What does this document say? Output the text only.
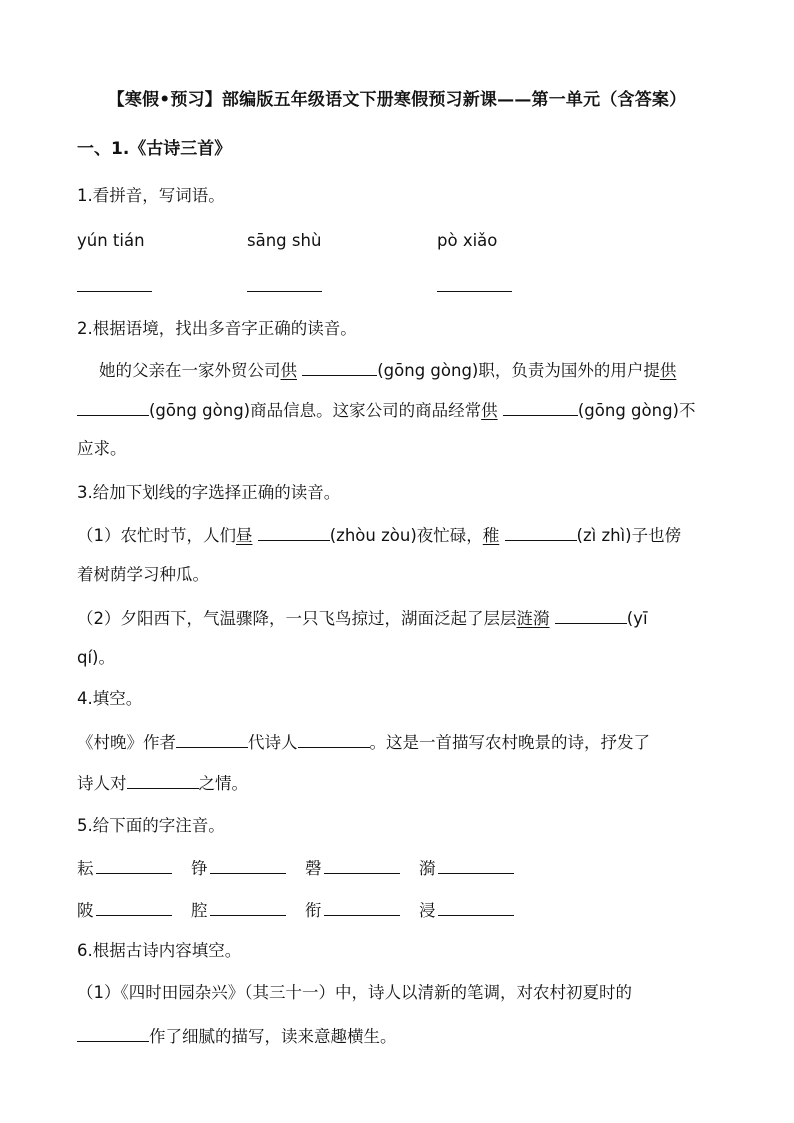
【寒假•预习】部编版五年级语文下册寒假预习新课——第一单元（含答案）
一、1.《古诗三首》
1.看拼音，写词语。
yún tián	sāng shù	pò xiǎo
2.根据语境，找出多音字正确的读音。
她的父亲在一家外贸公司供	(gōng gòng)职，负责为国外的用户提供
(gōng gòng)商品信息。这家公司的商品经常供	(gōng gòng)不
应求。
3.给加下划线的字选择正确的读音。
（1）农忙时节，人们昼	(zhòu zòu)夜忙碌，稚	(zì zhì)子也傍
着树荫学习种瓜。
（2）夕阳西下，气温骤降，一只飞鸟掠过，湖面泛起了层层涟漪	(yī
qí)。
4.填空。
《村晚》作者	代诗人	。这是一首描写农村晚景的诗，抒发了
诗人对	之情。
5.给下面的字注音。
耘	铮	磬	漪
陂	腔	衔	浸
6.根据古诗内容填空。
（1）《四时田园杂兴》（其三十一）中，诗人以清新的笔调，对农村初夏时的
作了细腻的描写，读来意趣横生。
